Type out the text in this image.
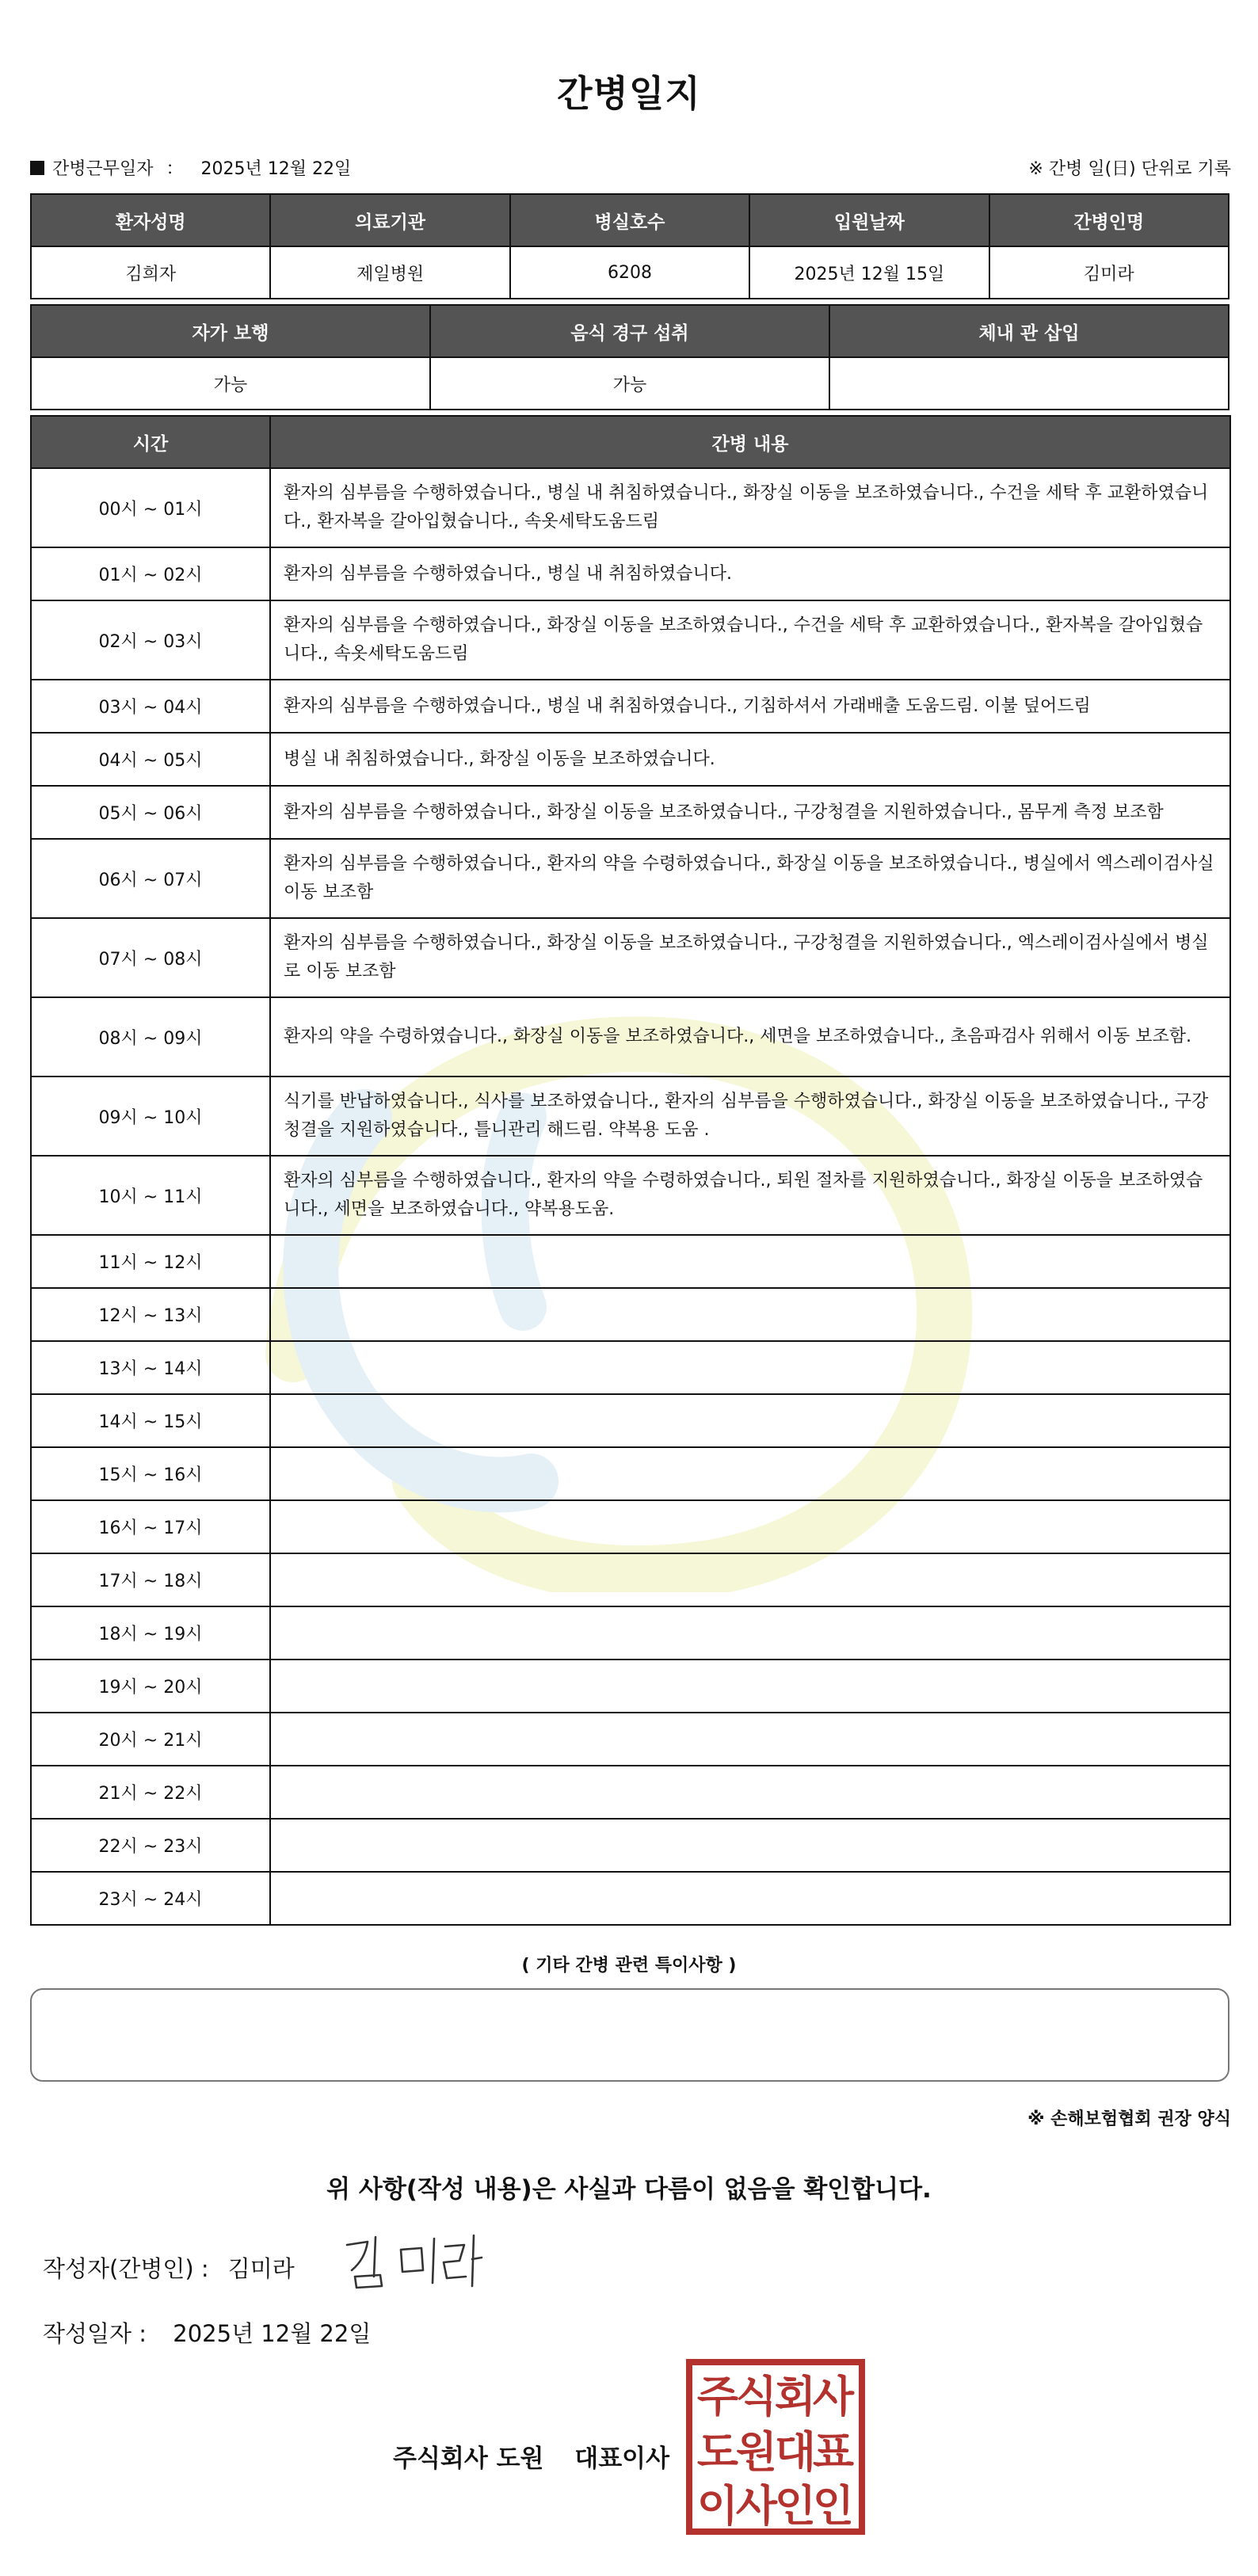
간병일지
간병근무일자 ： 2025년 12월 22일	※ 간병 일(日) 단위로 기록
환자성명	의료기관	병실호수	입원날짜	간병인명
김희자	제일병원	6208	2025년 12월 15일	김미라
자가 보행	음식 경구 섭취	체내 관 삽입
가능	가능	
시간	간병 내용
00시 ~ 01시	환자의 심부름을 수행하였습니다., 병실 내 취침하였습니다., 화장실 이동을 보조하였습니다., 수건을 세탁 후 교환하였습니다., 환자복을 갈아입혔습니다., 속옷세탁도움드림
01시 ~ 02시	환자의 심부름을 수행하였습니다., 병실 내 취침하였습니다.
02시 ~ 03시	환자의 심부름을 수행하였습니다., 화장실 이동을 보조하였습니다., 수건을 세탁 후 교환하였습니다., 환자복을 갈아입혔습니다., 속옷세탁도움드림
03시 ~ 04시	환자의 심부름을 수행하였습니다., 병실 내 취침하였습니다., 기침하셔서 가래배출 도움드림. 이불 덮어드림
04시 ~ 05시	병실 내 취침하였습니다., 화장실 이동을 보조하였습니다.
05시 ~ 06시	환자의 심부름을 수행하였습니다., 화장실 이동을 보조하였습니다., 구강청결을 지원하였습니다., 몸무게 측정 보조함
06시 ~ 07시	환자의 심부름을 수행하였습니다., 환자의 약을 수령하였습니다., 화장실 이동을 보조하였습니다., 병실에서 엑스레이검사실 이동 보조함
07시 ~ 08시	환자의 심부름을 수행하였습니다., 화장실 이동을 보조하였습니다., 구강청결을 지원하였습니다., 엑스레이검사실에서 병실로 이동 보조함
08시 ~ 09시	환자의 약을 수령하였습니다., 화장실 이동을 보조하였습니다., 세면을 보조하였습니다., 초음파검사 위해서 이동 보조함.
09시 ~ 10시	식기를 반납하였습니다., 식사를 보조하였습니다., 환자의 심부름을 수행하였습니다., 화장실 이동을 보조하였습니다., 구강청결을 지원하였습니다., 틀니관리 해드림. 약복용 도움 .
10시 ~ 11시	환자의 심부름을 수행하였습니다., 환자의 약을 수령하였습니다., 퇴원 절차를 지원하였습니다., 화장실 이동을 보조하였습니다., 세면을 보조하였습니다., 약복용도움.
11시 ~ 12시	
12시 ~ 13시	
13시 ~ 14시	
14시 ~ 15시	
15시 ~ 16시	
16시 ~ 17시	
17시 ~ 18시	
18시 ~ 19시	
19시 ~ 20시	
20시 ~ 21시	
21시 ~ 22시	
22시 ~ 23시	
23시 ~ 24시	
( 기타 간병 관련 특이사항 )
※ 손해보험협회 권장 양식
위 사항(작성 내용)은 사실과 다름이 없음을 확인합니다.
작성자(간병인) : 김미라
작성일자 : 2025년 12월 22일
주식회사 도원 대표이사
주
식
회
사
도
원
대
표
이
사
인
인
